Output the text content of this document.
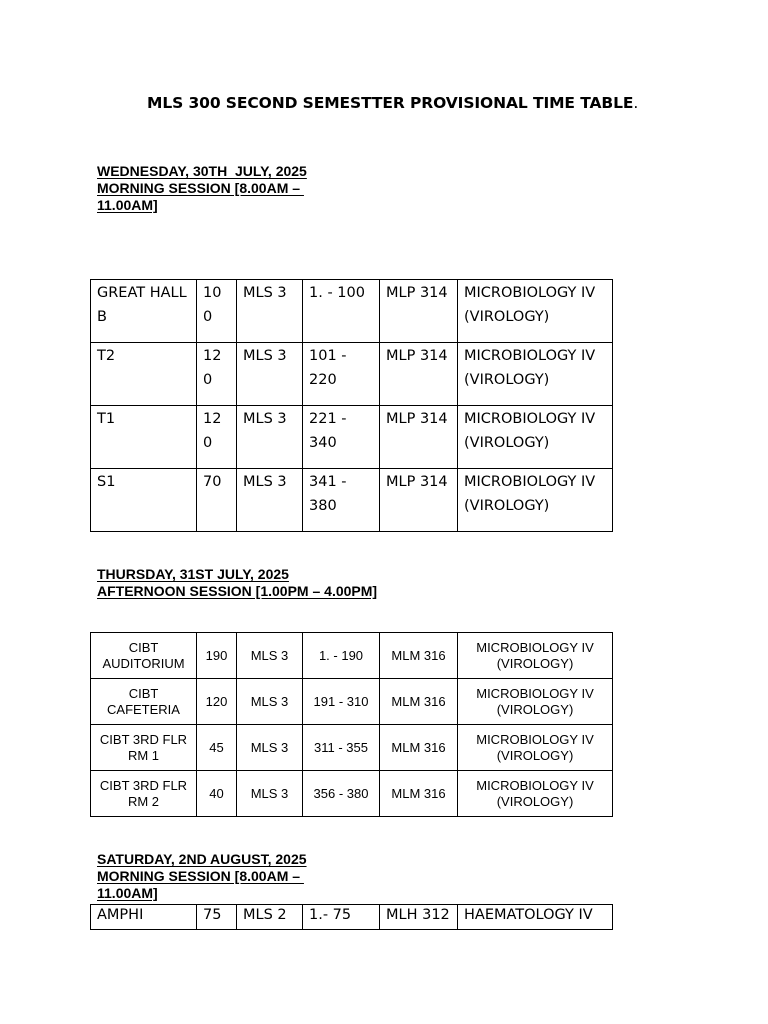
MLS 300 SECOND SEMESTTER PROVISIONAL TIME TABLE.
WEDNESDAY, 30TH  JULY, 2025
MORNING SESSION [8.00AM –
11.00AM]
GREAT HALL B	100	MLS 3	1. - 100	MLP 314	MICROBIOLOGY IV (VIROLOGY)
T2	120	MLS 3	101 - 220	MLP 314	MICROBIOLOGY IV (VIROLOGY)
T1	120	MLS 3	221 - 340	MLP 314	MICROBIOLOGY IV (VIROLOGY)
S1	70	MLS 3	341 - 380	MLP 314	MICROBIOLOGY IV (VIROLOGY)
THURSDAY, 31ST JULY, 2025
AFTERNOON SESSION [1.00PM – 4.00PM]
CIBT AUDITORIUM	190	MLS 3	1. - 190	MLM 316	MICROBIOLOGY IV (VIROLOGY)
CIBT CAFETERIA	120	MLS 3	191 - 310	MLM 316	MICROBIOLOGY IV (VIROLOGY)
CIBT 3RD FLR RM 1	45	MLS 3	311 - 355	MLM 316	MICROBIOLOGY IV (VIROLOGY)
CIBT 3RD FLR RM 2	40	MLS 3	356 - 380	MLM 316	MICROBIOLOGY IV (VIROLOGY)
SATURDAY, 2ND AUGUST, 2025
MORNING SESSION [8.00AM –
11.00AM]
AMPHI	75	MLS 2	1.- 75	MLH 312	HAEMATOLOGY IV
